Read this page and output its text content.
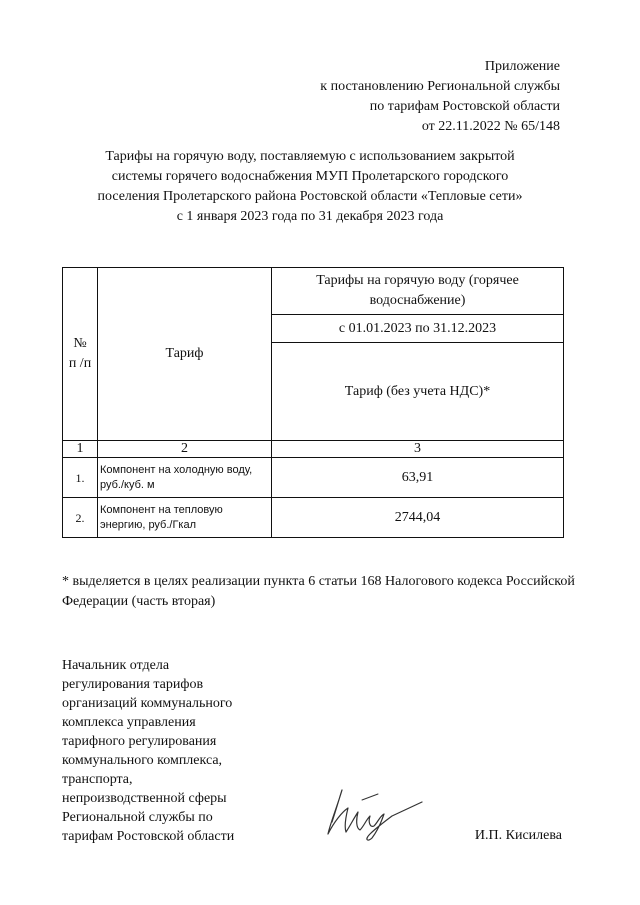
Приложение
к постановлению Региональной службы
по тарифам Ростовской области
от 22.11.2022 № 65/148
Тарифы на горячую воду, поставляемую с использованием закрытой
системы горячего водоснабжения МУП Пролетарского городского
поселения Пролетарского района Ростовской области «Тепловые сети»
с 1 января 2023 года по 31 декабря 2023 года
№
п /п	Тариф	Тарифы на горячую воду (горячее водоснабжение)
		с 01.01.2023 по 31.12.2023
		Тариф (без учета НДС)*
1	2	3
1.	Компонент на холодную воду, руб./куб. м	63,91
2.	Компонент на тепловую энергию, руб./Гкал	2744,04
* выделяется в целях реализации пункта 6 статьи 168 Налогового кодекса Российской Федерации (часть вторая)
Начальник отдела
регулирования тарифов
организаций коммунального
комплекса управления
тарифного регулирования
коммунального комплекса,
транспорта,
непроизводственной сферы
Региональной службы по
тарифам Ростовской области	И.П. Кисилева
